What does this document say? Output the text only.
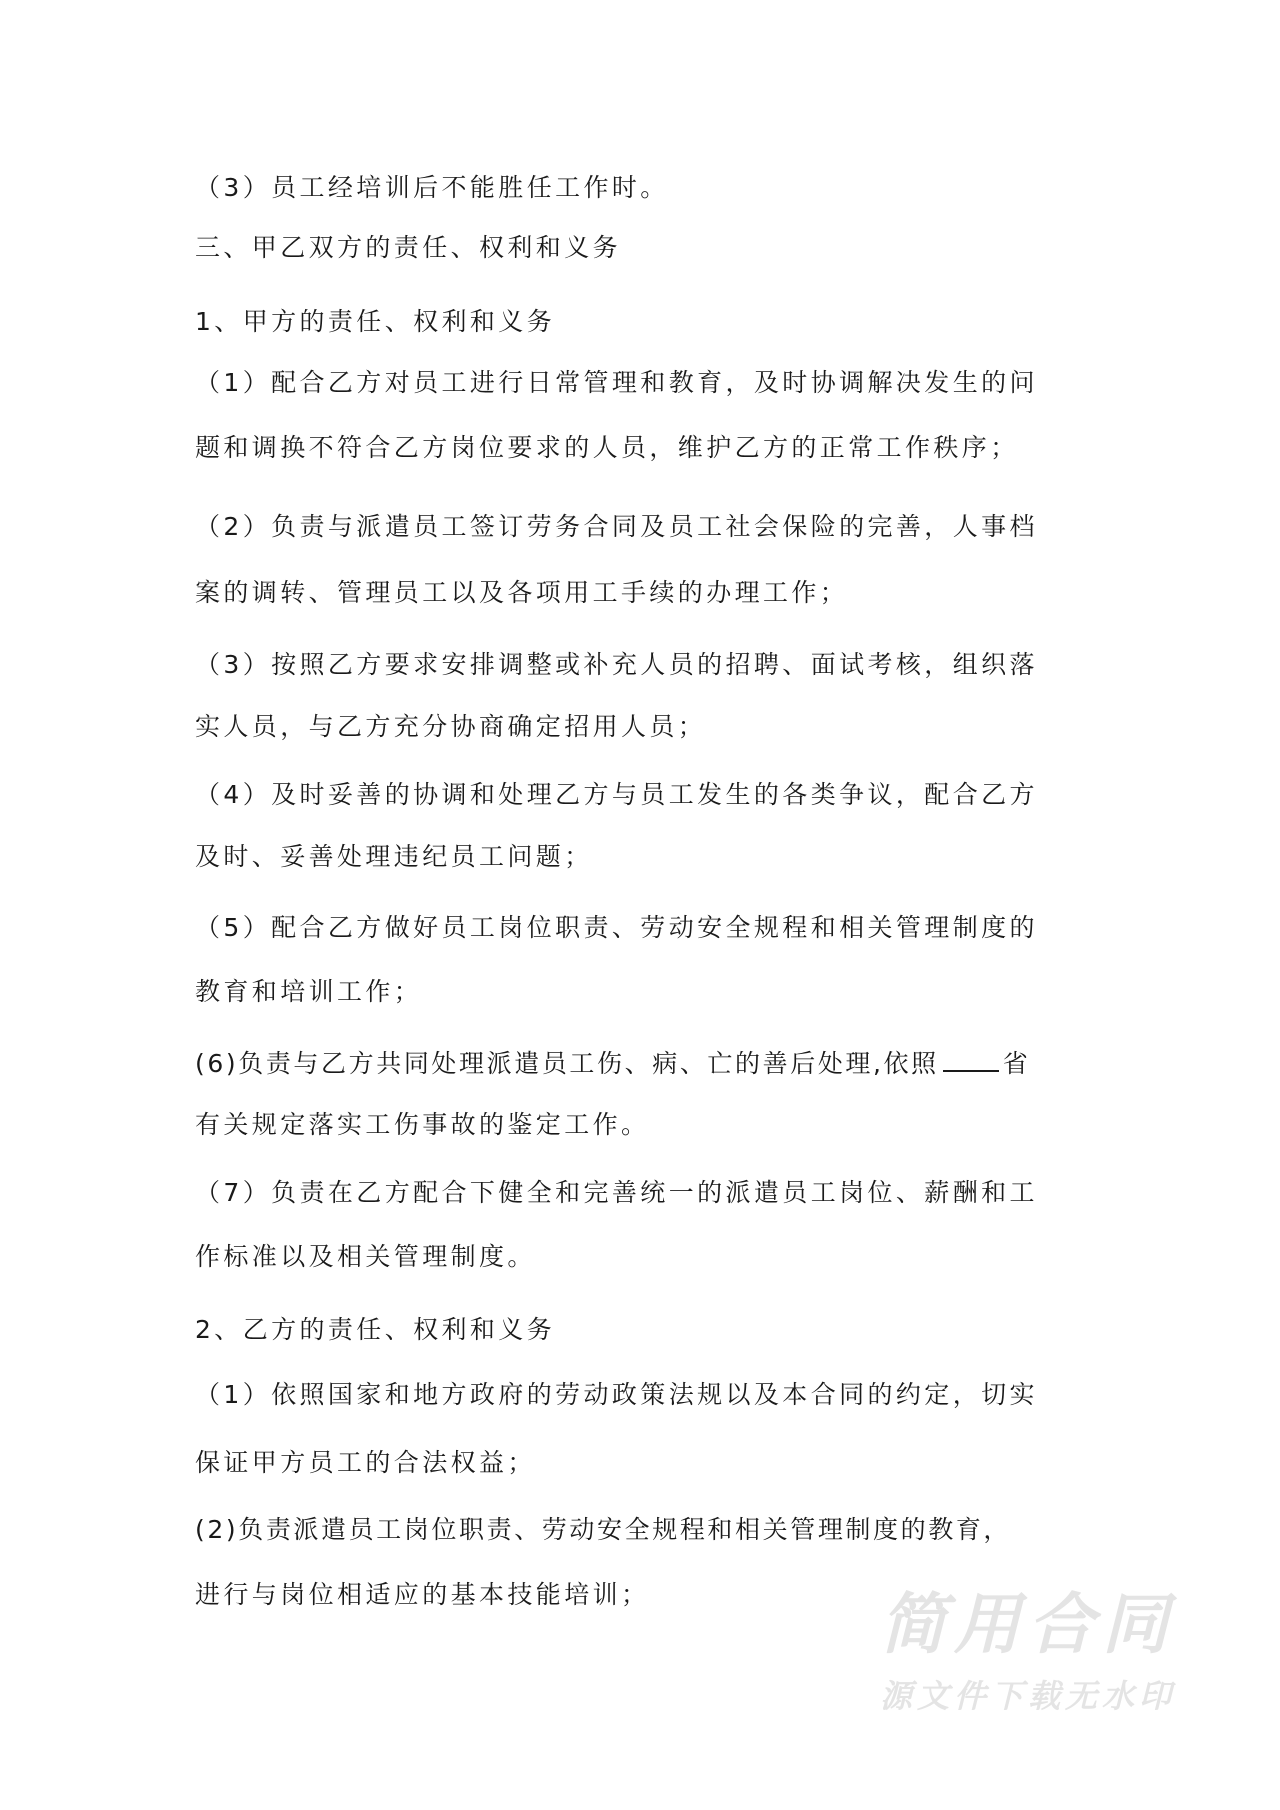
（3）员工经培训后不能胜任工作时。
三、甲乙双方的责任、权利和义务
1、甲方的责任、权利和义务
（1）配合乙方对员工进行日常管理和教育，及时协调解决发生的问
题和调换不符合乙方岗位要求的人员，维护乙方的正常工作秩序；
（2）负责与派遣员工签订劳务合同及员工社会保险的完善，人事档
案的调转、管理员工以及各项用工手续的办理工作；
（3）按照乙方要求安排调整或补充人员的招聘、面试考核，组织落
实人员，与乙方充分协商确定招用人员；
（4）及时妥善的协调和处理乙方与员工发生的各类争议，配合乙方
及时、妥善处理违纪员工问题；
（5）配合乙方做好员工岗位职责、劳动安全规程和相关管理制度的
教育和培训工作；
(6)负责与乙方共同处理派遣员工伤、病、亡的善后处理,依照	省
有关规定落实工伤事故的鉴定工作。
（7）负责在乙方配合下健全和完善统一的派遣员工岗位、薪酬和工
作标准以及相关管理制度。
2、乙方的责任、权利和义务
（1）依照国家和地方政府的劳动政策法规以及本合同的约定，切实
保证甲方员工的合法权益；
(2)负责派遣员工岗位职责、劳动安全规程和相关管理制度的教育，
进行与岗位相适应的基本技能培训；	简用合同
源文件下载无水印
